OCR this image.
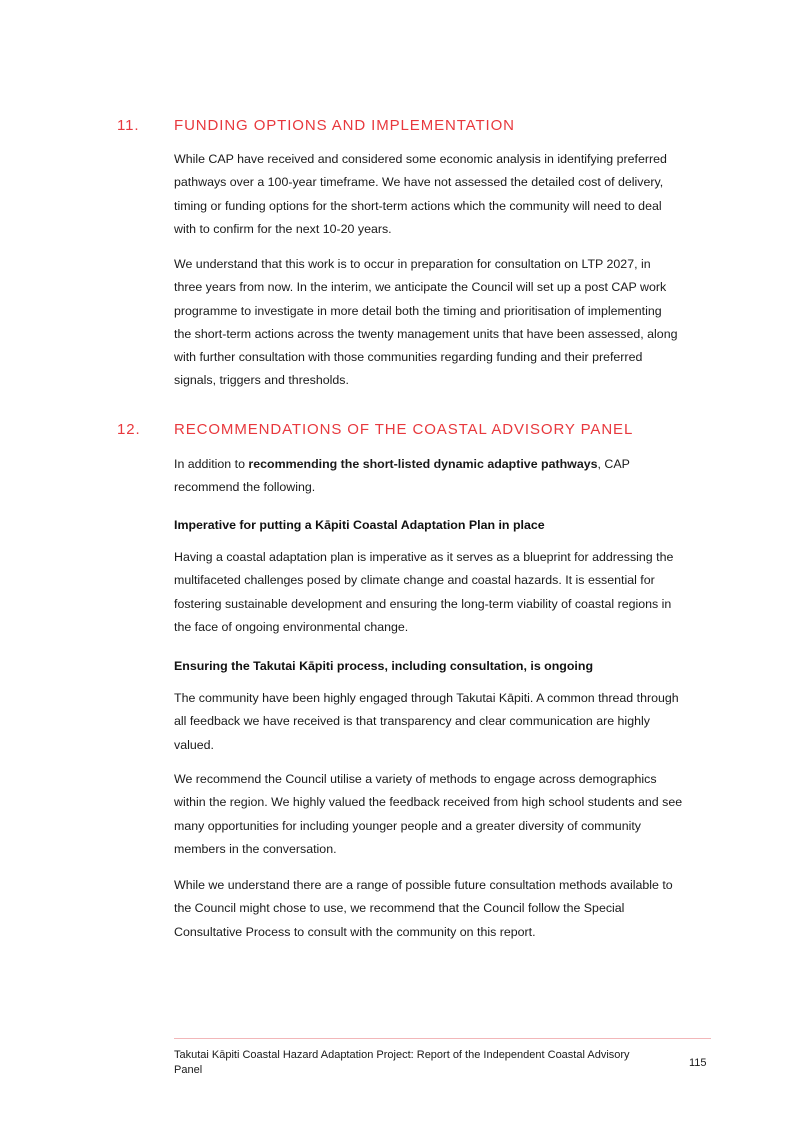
11. FUNDING OPTIONS AND IMPLEMENTATION

While CAP have received and considered some economic analysis in identifying preferred
pathways over a 100-year timeframe. We have not assessed the detailed cost of delivery,
timing or funding options for the short-term actions which the community will need to deal
with to confirm for the next 10-20 years.

We understand that this work is to occur in preparation for consultation on LTP 2027, in
three years from now. In the interim, we anticipate the Council will set up a post CAP work
programme to investigate in more detail both the timing and prioritisation of implementing
the short-term actions across the twenty management units that have been assessed, along
with further consultation with those communities regarding funding and their preferred
signals, triggers and thresholds.

12. RECOMMENDATIONS OF THE COASTAL ADVISORY PANEL

In addition to recommending the short-listed dynamic adaptive pathways, CAP
recommend the following.

Imperative for putting a Kāpiti Coastal Adaptation Plan in place

Having a coastal adaptation plan is imperative as it serves as a blueprint for addressing the
multifaceted challenges posed by climate change and coastal hazards. It is essential for
fostering sustainable development and ensuring the long-term viability of coastal regions in
the face of ongoing environmental change.

Ensuring the Takutai Kāpiti process, including consultation, is ongoing

The community have been highly engaged through Takutai Kāpiti. A common thread through
all feedback we have received is that transparency and clear communication are highly
valued.

We recommend the Council utilise a variety of methods to engage across demographics
within the region. We highly valued the feedback received from high school students and see
many opportunities for including younger people and a greater diversity of community
members in the conversation.

While we understand there are a range of possible future consultation methods available to
the Council might chose to use, we recommend that the Council follow the Special
Consultative Process to consult with the community on this report.

Takutai Kāpiti Coastal Hazard Adaptation Project: Report of the Independent Coastal Advisory
Panel
115
